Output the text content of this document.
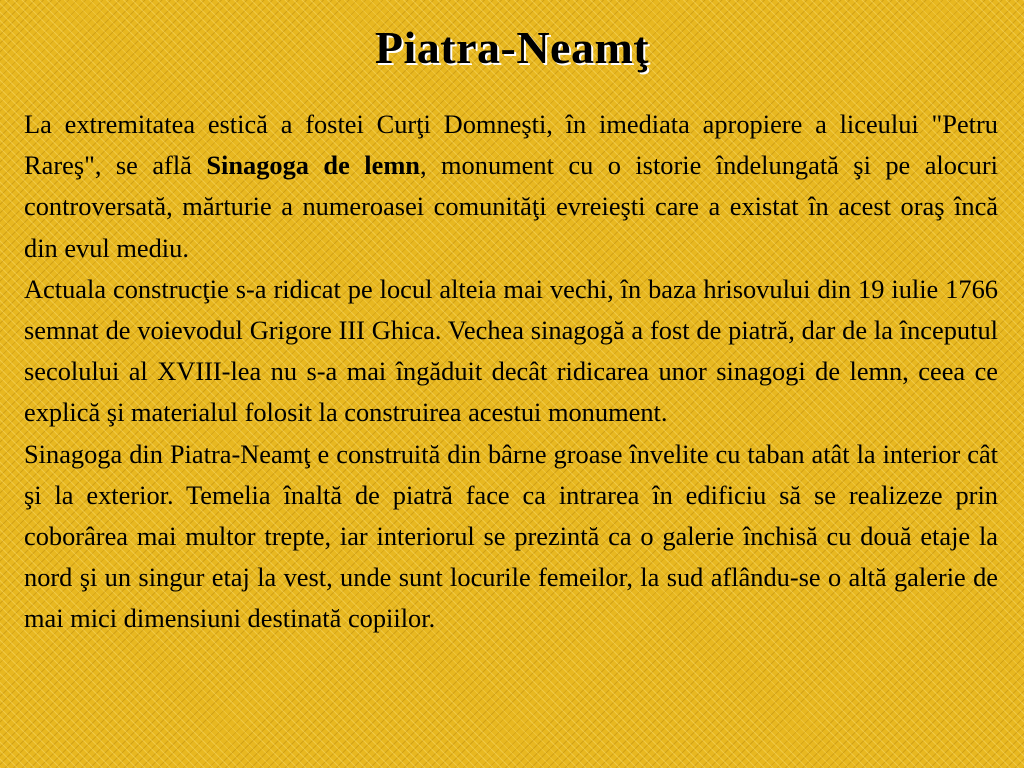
Piatra-Neamţ

La extremitatea estică a fostei Curţi Domneşti, în imediata apropiere a liceului "Petru Rareş", se află Sinagoga de lemn, monument cu o istorie îndelungată şi pe alocuri controversată, mărturie a numeroasei comunităţi evreieşti care a existat în acest oraş încă din evul mediu.

Actuala construcţie s-a ridicat pe locul alteia mai vechi, în baza hrisovului din 19 iulie 1766 semnat de voievodul Grigore III Ghica. Vechea sinagogă a fost de piatră, dar de la începutul secolului al XVIII-lea nu s-a mai îngăduit decât ridicarea unor sinagogi de lemn, ceea ce explică şi materialul folosit la construirea acestui monument.

Sinagoga din Piatra-Neamţ e construită din bârne groase învelite cu taban atât la interior cât şi la exterior. Temelia înaltă de piatră face ca intrarea în edificiu să se realizeze prin coborârea mai multor trepte, iar interiorul se prezintă ca o galerie închisă cu două etaje la nord şi un singur etaj la vest, unde sunt locurile femeilor, la sud aflându-se o altă galerie de mai mici dimensiuni destinată copiilor.
